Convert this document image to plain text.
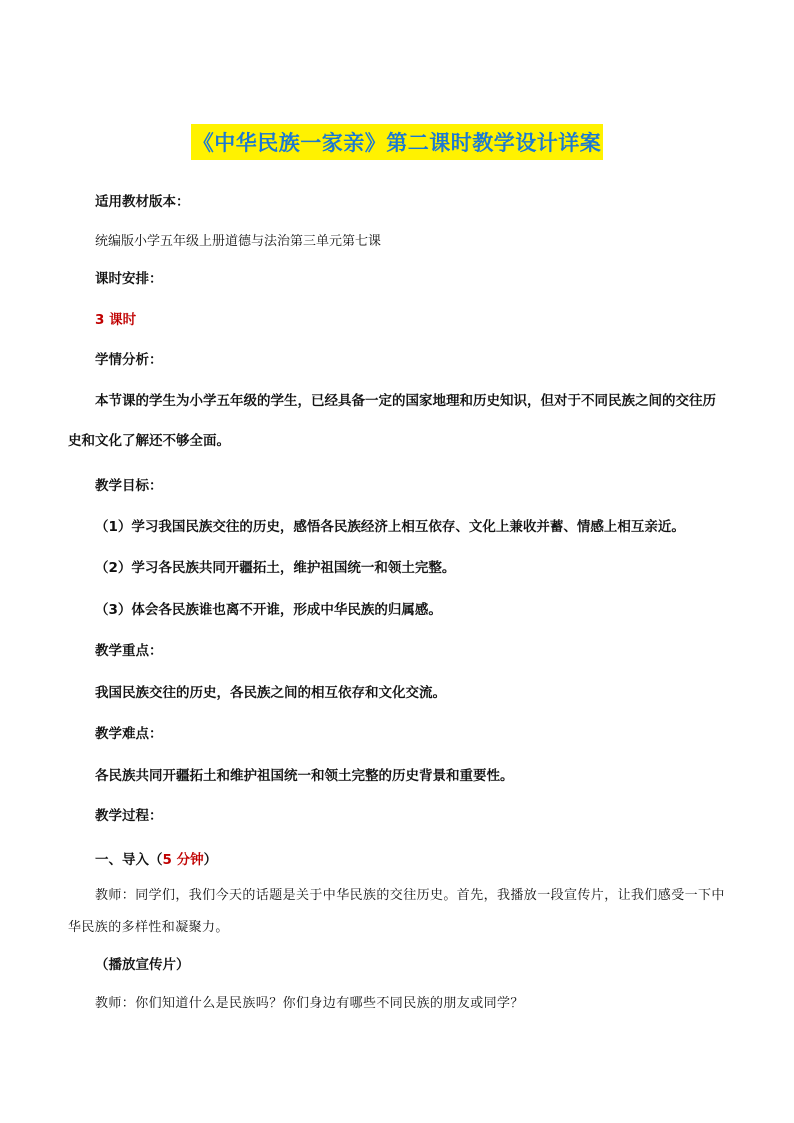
《中华民族一家亲》第二课时教学设计详案
适用教材版本：
统编版小学五年级上册道德与法治第三单元第七课
课时安排：
3 课时
学情分析：
本节课的学生为小学五年级的学生，已经具备一定的国家地理和历史知识，但对于不同民族之间的交往历史和文化了解还不够全面。
教学目标：
（1）学习我国民族交往的历史，感悟各民族经济上相互依存、文化上兼收并蓄、情感上相互亲近。
（2）学习各民族共同开疆拓土，维护祖国统一和领土完整。
（3）体会各民族谁也离不开谁，形成中华民族的归属感。
教学重点：
我国民族交往的历史，各民族之间的相互依存和文化交流。
教学难点：
各民族共同开疆拓土和维护祖国统一和领土完整的历史背景和重要性。
教学过程：
一、导入（5 分钟）
教师：同学们，我们今天的话题是关于中华民族的交往历史。首先，我播放一段宣传片，让我们感受一下中华民族的多样性和凝聚力。
（播放宣传片）
教师：你们知道什么是民族吗？你们身边有哪些不同民族的朋友或同学？
